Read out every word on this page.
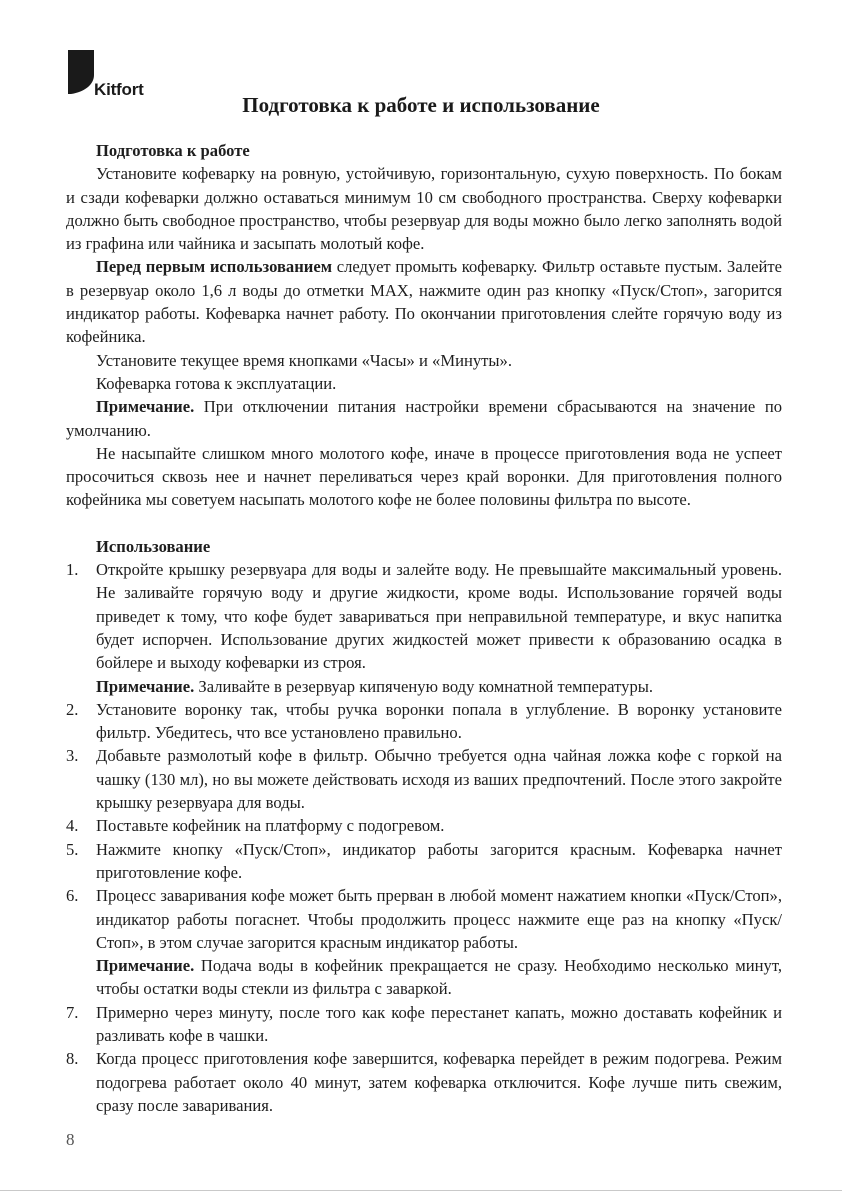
Kitfort
Подготовка к работе и использование

Подготовка к работе

Установите кофеварку на ровную, устойчивую, горизонтальную, сухую поверхность. По бокам и сзади кофеварки должно оставаться минимум 10 см свободного пространства. Сверху кофеварки должно быть свободное пространство, чтобы резервуар для воды можно было легко заполнять водой из графина или чайника и засыпать молотый кофе.

Перед первым использованием следует промыть кофеварку. Фильтр оставьте пустым. Залейте в резервуар около 1,6 л воды до отметки MAX, нажмите один раз кнопку «Пуск/Стоп», загорится индикатор работы. Кофеварка начнет работу. По окончании приготовления слейте горячую воду из кофейника.

Установите текущее время кнопками «Часы» и «Минуты».

Кофеварка готова к эксплуатации.

Примечание. При отключении питания настройки времени сбрасываются на значение по умолчанию.

Не насыпайте слишком много молотого кофе, иначе в процессе приготовления вода не успеет просочиться сквозь нее и начнет переливаться через край воронки. Для приготовления полного кофейника мы советуем насыпать молотого кофе не более половины фильтра по высоте.

Использование

1. Откройте крышку резервуара для воды и залейте воду. Не превышайте максимальный уровень. Не заливайте горячую воду и другие жидкости, кроме воды. Использование горячей воды приведет к тому, что кофе будет завариваться при неправильной температуре, и вкус напитка будет испорчен. Использование других жидкостей может привести к образованию осадка в бойлере и выходу кофеварки из строя.
Примечание. Заливайте в резервуар кипяченую воду комнатной температуры.
2. Установите воронку так, чтобы ручка воронки попала в углубление. В воронку установите фильтр. Убедитесь, что все установлено правильно.
3. Добавьте размолотый кофе в фильтр. Обычно требуется одна чайная ложка кофе с горкой на чашку (130 мл), но вы можете действовать исходя из ваших предпочтений. После этого закройте крышку резервуара для воды.
4. Поставьте кофейник на платформу с подогревом.
5. Нажмите кнопку «Пуск/Стоп», индикатор работы загорится красным. Кофеварка начнет приготовление кофе.
6. Процесс заваривания кофе может быть прерван в любой момент нажатием кнопки «Пуск/Стоп», индикатор работы погаснет. Чтобы продолжить процесс нажмите еще раз на кнопку «Пуск/Стоп», в этом случае загорится красным индикатор работы.
Примечание. Подача воды в кофейник прекращается не сразу. Необходимо несколько минут, чтобы остатки воды стекли из фильтра с заваркой.
7. Примерно через минуту, после того как кофе перестанет капать, можно доставать кофейник и разливать кофе в чашки.
8. Когда процесс приготовления кофе завершится, кофеварка перейдет в режим подогрева. Режим подогрева работает около 40 минут, затем кофеварка отключится. Кофе лучше пить свежим, сразу после заваривания.
8
